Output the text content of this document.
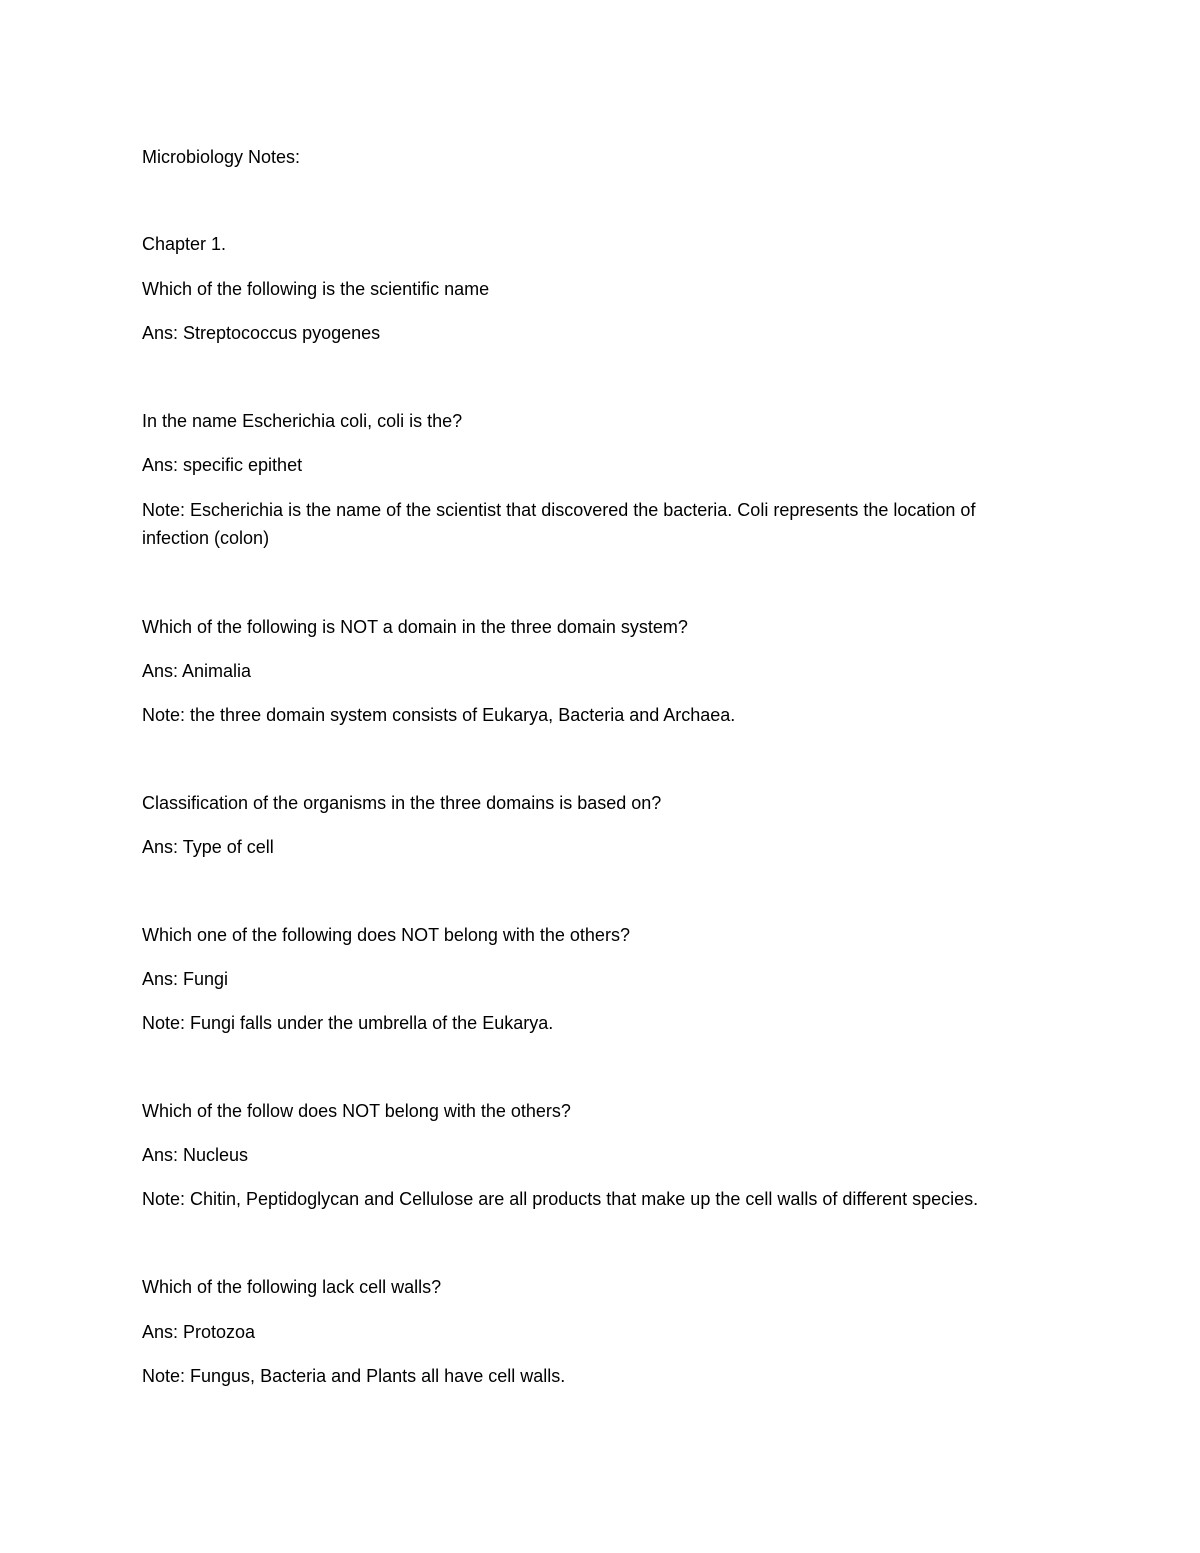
Microbiology Notes:
Chapter 1.
Which of the following is the scientific name
Ans: Streptococcus pyogenes
In the name Escherichia coli, coli is the?
Ans: specific epithet
Note: Escherichia is the name of the scientist that discovered the bacteria. Coli represents the location of
infection (colon)
Which of the following is NOT a domain in the three domain system?
Ans: Animalia
Note: the three domain system consists of Eukarya, Bacteria and Archaea.
Classification of the organisms in the three domains is based on?
Ans: Type of cell
Which one of the following does NOT belong with the others?
Ans: Fungi
Note: Fungi falls under the umbrella of the Eukarya.
Which of the follow does NOT belong with the others?
Ans: Nucleus
Note: Chitin, Peptidoglycan and Cellulose are all products that make up the cell walls of different species.
Which of the following lack cell walls?
Ans: Protozoa
Note: Fungus, Bacteria and Plants all have cell walls.
